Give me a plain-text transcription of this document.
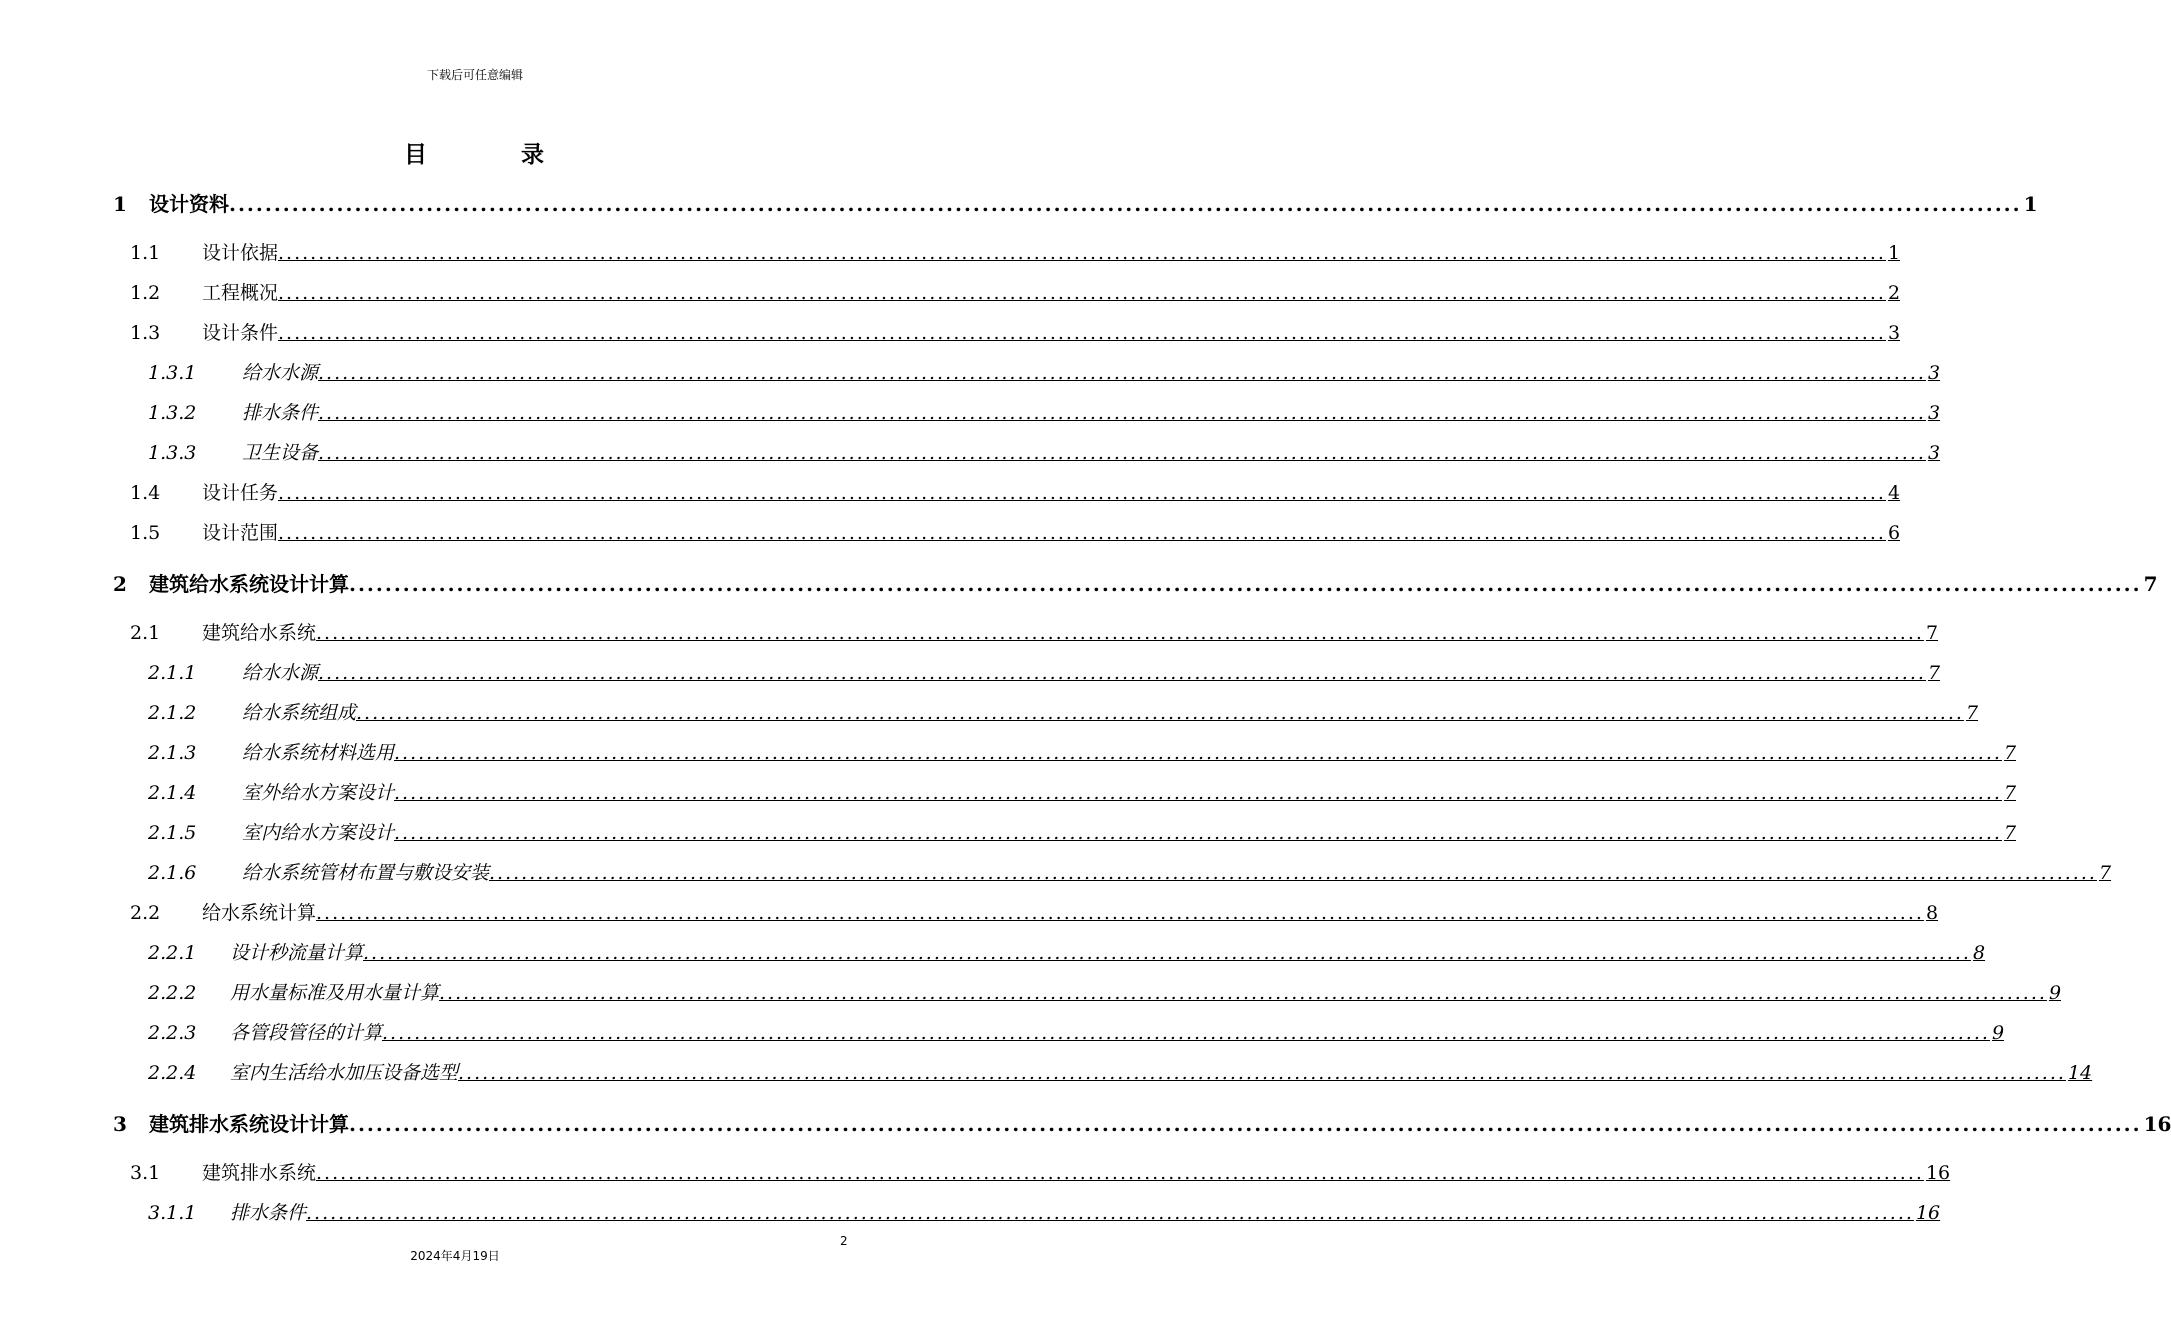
下载后可任意编辑
目	录
1 设计资料 ........................................................................................................................................................................................................ 1
1.1 设计依据 ........................................................................................................................................................................................................ 1
1.2 工程概况 ........................................................................................................................................................................................................ 2
1.3 设计条件 ........................................................................................................................................................................................................ 3
1.3.1 给水水源 ........................................................................................................................................................................................................ 3
1.3.2 排水条件 ........................................................................................................................................................................................................ 3
1.3.3 卫生设备 ........................................................................................................................................................................................................ 3
1.4 设计任务 ........................................................................................................................................................................................................ 4
1.5 设计范围 ........................................................................................................................................................................................................ 6
2 建筑给水系统设计计算 ........................................................................................................................................................................................................ 7
2.1 建筑给水系统 ........................................................................................................................................................................................................ 7
2.1.1 给水水源 ........................................................................................................................................................................................................ 7
2.1.2 给水系统组成 ........................................................................................................................................................................................................ 7
2.1.3 给水系统材料选用 ........................................................................................................................................................................................................ 7
2.1.4 室外给水方案设计 ........................................................................................................................................................................................................ 7
2.1.5 室内给水方案设计 ........................................................................................................................................................................................................ 7
2.1.6 给水系统管材布置与敷设安装 ........................................................................................................................................................................................................ 7
2.2 给水系统计算 ........................................................................................................................................................................................................ 8
2.2.1 设计秒流量计算 ........................................................................................................................................................................................................ 8
2.2.2 用水量标准及用水量计算 ........................................................................................................................................................................................................ 9
2.2.3 各管段管径的计算 ........................................................................................................................................................................................................ 9
2.2.4 室内生活给水加压设备选型 ........................................................................................................................................................................................................ 14
3 建筑排水系统设计计算 ........................................................................................................................................................................................................ 16
3.1 建筑排水系统 ........................................................................................................................................................................................................ 16
3.1.1 排水条件 ........................................................................................................................................................................................................ 16
2
2024年4月19日
